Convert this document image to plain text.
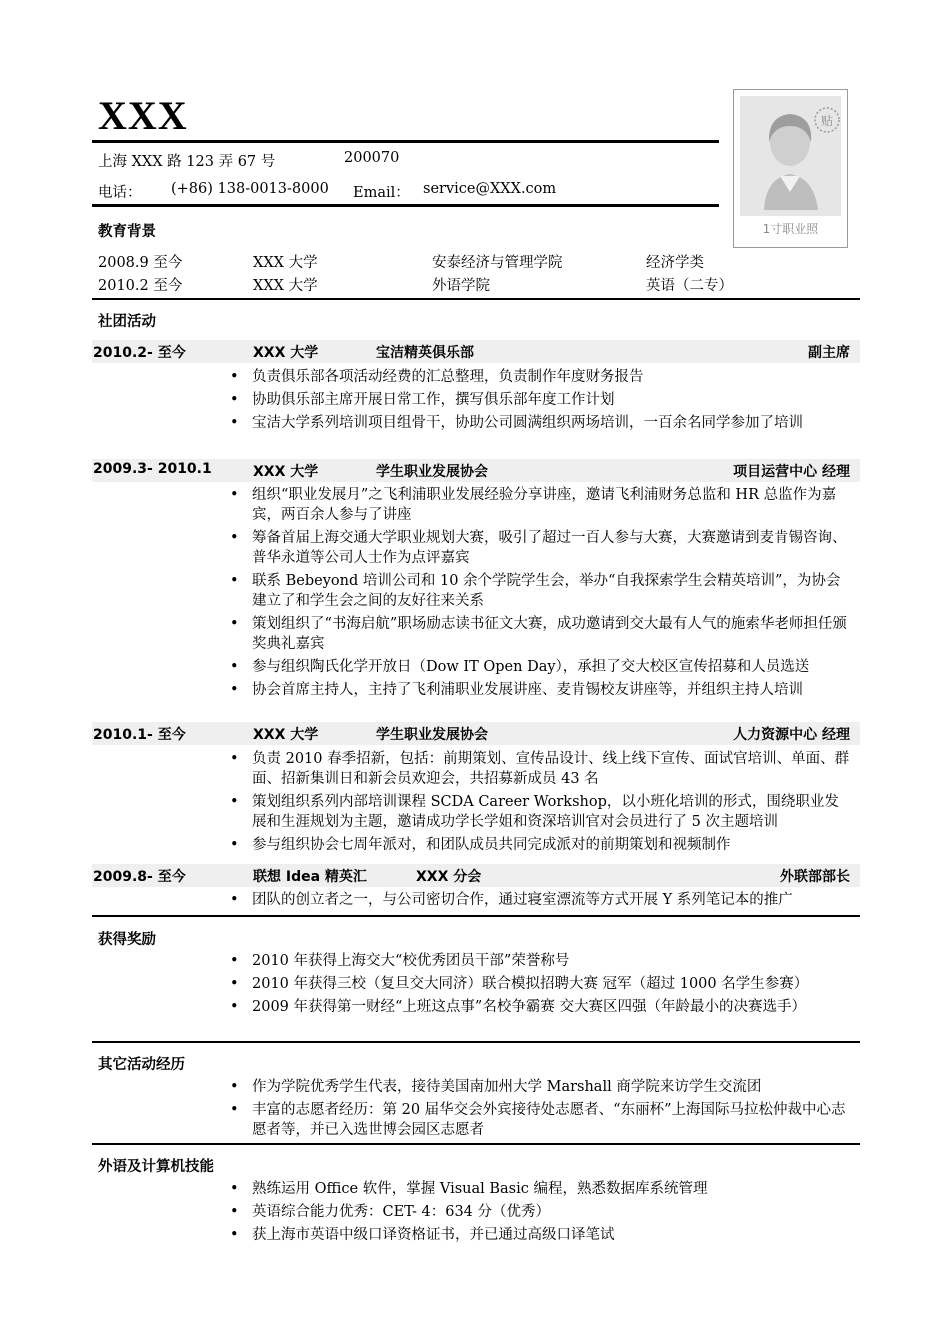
XXX
上海 XXX 路 123 弄 67 号	200070
电话： (+86) 138-0013-8000 Email： service@XXX.com
贴
1寸职业照
教育背景
2008.9 至今	XXX 大学	安泰经济与管理学院	经济学类
2010.2 至今	XXX 大学	外语学院	英语（二专）
社团活动
2010.2- 至今	XXX 大学	宝洁精英俱乐部	副主席
• 负责俱乐部各项活动经费的汇总整理，负责制作年度财务报告
• 协助俱乐部主席开展日常工作，撰写俱乐部年度工作计划
• 宝洁大学系列培训项目组骨干，协助公司圆满组织两场培训，一百余名同学参加了培训
2009.3- 2010.1	XXX 大学	学生职业发展协会	项目运营中心 经理
• 组织“职业发展月”之飞利浦职业发展经验分享讲座，邀请飞利浦财务总监和 HR 总监作为嘉宾，两百余人参与了讲座
• 筹备首届上海交通大学职业规划大赛，吸引了超过一百人参与大赛，大赛邀请到麦肯锡咨询、普华永道等公司人士作为点评嘉宾
• 联系 Bebeyond 培训公司和 10 余个学院学生会，举办“自我探索学生会精英培训”，为协会建立了和学生会之间的友好往来关系
• 策划组织了“书海启航”职场励志读书征文大赛，成功邀请到交大最有人气的施索华老师担任颁奖典礼嘉宾
• 参与组织陶氏化学开放日（Dow IT Open Day），承担了交大校区宣传招募和人员选送
• 协会首席主持人，主持了飞利浦职业发展讲座、麦肯锡校友讲座等，并组织主持人培训
2010.1- 至今	XXX 大学	学生职业发展协会	人力资源中心 经理
• 负责 2010 春季招新，包括：前期策划、宣传品设计、线上线下宣传、面试官培训、单面、群面、招新集训日和新会员欢迎会，共招募新成员 43 名
• 策划组织系列内部培训课程 SCDA Career Workshop，以小班化培训的形式，围绕职业发展和生涯规划为主题，邀请成功学长学姐和资深培训官对会员进行了 5 次主题培训
• 参与组织协会七周年派对，和团队成员共同完成派对的前期策划和视频制作
2009.8- 至今	联想 Idea 精英汇	XXX 分会	外联部部长
• 团队的创立者之一，与公司密切合作，通过寝室漂流等方式开展 Y 系列笔记本的推广
获得奖励
• 2010 年获得上海交大“校优秀团员干部”荣誉称号
• 2010 年获得三校（复旦交大同济）联合模拟招聘大赛 冠军（超过 1000 名学生参赛）
• 2009 年获得第一财经“上班这点事”名校争霸赛 交大赛区四强（年龄最小的决赛选手）
其它活动经历
• 作为学院优秀学生代表，接待美国南加州大学 Marshall 商学院来访学生交流团
• 丰富的志愿者经历：第 20 届华交会外宾接待处志愿者、“东丽杯”上海国际马拉松仲裁中心志愿者等，并已入选世博会园区志愿者
外语及计算机技能
• 熟练运用 Office 软件，掌握 Visual Basic 编程，熟悉数据库系统管理
• 英语综合能力优秀：CET- 4：634 分（优秀）
• 获上海市英语中级口译资格证书，并已通过高级口译笔试
